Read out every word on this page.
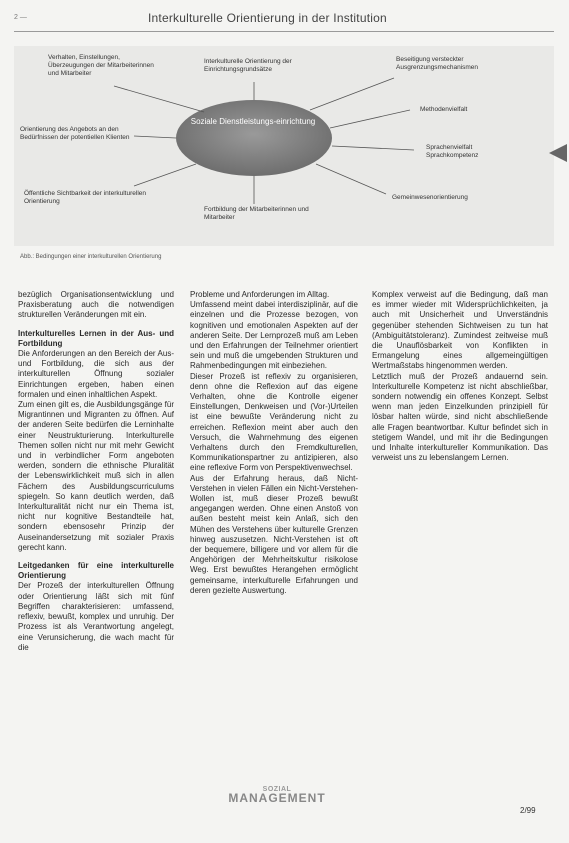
2 —	Interkulturelle Orientierung in der Institution
Verhalten, Einstellungen, Überzeugungen der Mitarbeiterinnen und Mitarbeiter
Interkulturelle Orientierung der Einrichtungsgrundsätze
Beseitigung versteckter Ausgrenzungsmechanismen
Methodenvielfalt
Orientierung des Angebots an den Bedürfnissen der potentiellen Klienten
Sprachenvielfalt Sprachkompetenz
Öffentliche Sichtbarkeit der interkulturellen Orientierung
Gemeinwesenorientierung
Fortbildung der Mitarbeiterinnen und Mitarbeiter
Soziale Dienstleistungs-einrichtung
Abb.: Bedingungen einer interkulturellen Orientierung

bezüglich Organisationsentwicklung und Praxisberatung auch die notwendigen strukturellen Veränderungen mit ein.

Interkulturelles Lernen in der Aus- und Fortbildung

Die Anforderungen an den Bereich der Aus- und Fortbildung, die sich aus der interkulturellen Öffnung sozialer Einrichtungen ergeben, haben einen formalen und einen inhaltlichen Aspekt.

Zum einen gilt es, die Ausbildungsgänge für Migrantinnen und Migranten zu öffnen. Auf der anderen Seite bedürfen die Lerninhalte einer Neustrukturierung. Interkulturelle Themen sollen nicht nur mit mehr Gewicht und in verbindlicher Form angeboten werden, sondern die ethnische Pluralität der Lebenswirklichkeit muß sich in allen Fächern des Ausbildungscurriculums spiegeln. So kann deutlich werden, daß Interkulturalität nicht nur ein Thema ist, nicht nur kognitive Bestandteile hat, sondern ebensosehr Prinzip der Auseinandersetzung mit sozialer Praxis gerecht kann.

Leitgedanken für eine interkulturelle Orientierung

Der Prozeß der interkulturellen Öffnung oder Orientierung läßt sich mit fünf Begriffen charakterisieren: umfassend, reflexiv, bewußt, komplex und unruhig. Der Prozess ist als Verantwortung angelegt, eine Verunsicherung, die wach macht für die

Probleme und Anforderungen im Alltag.

Umfassend meint dabei interdisziplinär, auf die einzelnen und die Prozesse bezogen, von kognitiven und emotionalen Aspekten auf der anderen Seite. Der Lernprozeß muß am Leben und den Erfahrungen der Teilnehmer orientiert sein und muß die umgebenden Strukturen und Rahmenbedingungen mit einbeziehen.

Dieser Prozeß ist reflexiv zu organisieren, denn ohne die Reflexion auf das eigene Verhalten, ohne die Kontrolle eigener Einstellungen, Denkweisen und (Vor-)Urteilen ist eine bewußte Veränderung nicht zu erreichen. Reflexion meint aber auch den Versuch, die Wahrnehmung des eigenen Verhaltens durch den Fremdkulturellen, Kommunikationspartner zu antizipieren, also eine reflexive Form von Perspektivenwechsel.

Aus der Erfahrung heraus, daß Nicht-Verstehen in vielen Fällen ein Nicht-Verstehen-Wollen ist, muß dieser Prozeß bewußt angegangen werden. Ohne einen Anstoß von außen besteht meist kein Anlaß, sich den Mühen des Verstehens über kulturelle Grenzen hinweg auszusetzen. Nicht-Verstehen ist oft der bequemere, billigere und vor allem für die Angehörigen der Mehrheitskultur risikolose Weg. Erst bewußtes Herangehen ermöglicht gemeinsame, interkulturelle Erfahrungen und deren gezielte Auswertung.

Komplex verweist auf die Bedingung, daß man es immer wieder mit Widersprüchlichkeiten, ja auch mit Unsicherheit und Unverständnis gegenüber stehenden Sichtweisen zu tun hat (Ambiguitätstoleranz). Zumindest zeitweise muß die Unauflösbarkeit von Konflikten in Ermangelung eines allgemeingültigen Wertmaßstabs hingenommen werden.

Letztlich muß der Prozeß andauernd sein. Interkulturelle Kompetenz ist nicht abschließbar, sondern notwendig ein offenes Konzept. Selbst wenn man jeden Einzelkunden prinzipiell für lösbar halten würde, sind nicht abschließende alle Fragen beantwortbar. Kultur befindet sich in stetigem Wandel, und mit ihr die Bedingungen und Inhalte interkultureller Kommunikation. Das verweist uns zu lebenslangem Lernen.

SOZIAL
MANAGEMENT
2/99
